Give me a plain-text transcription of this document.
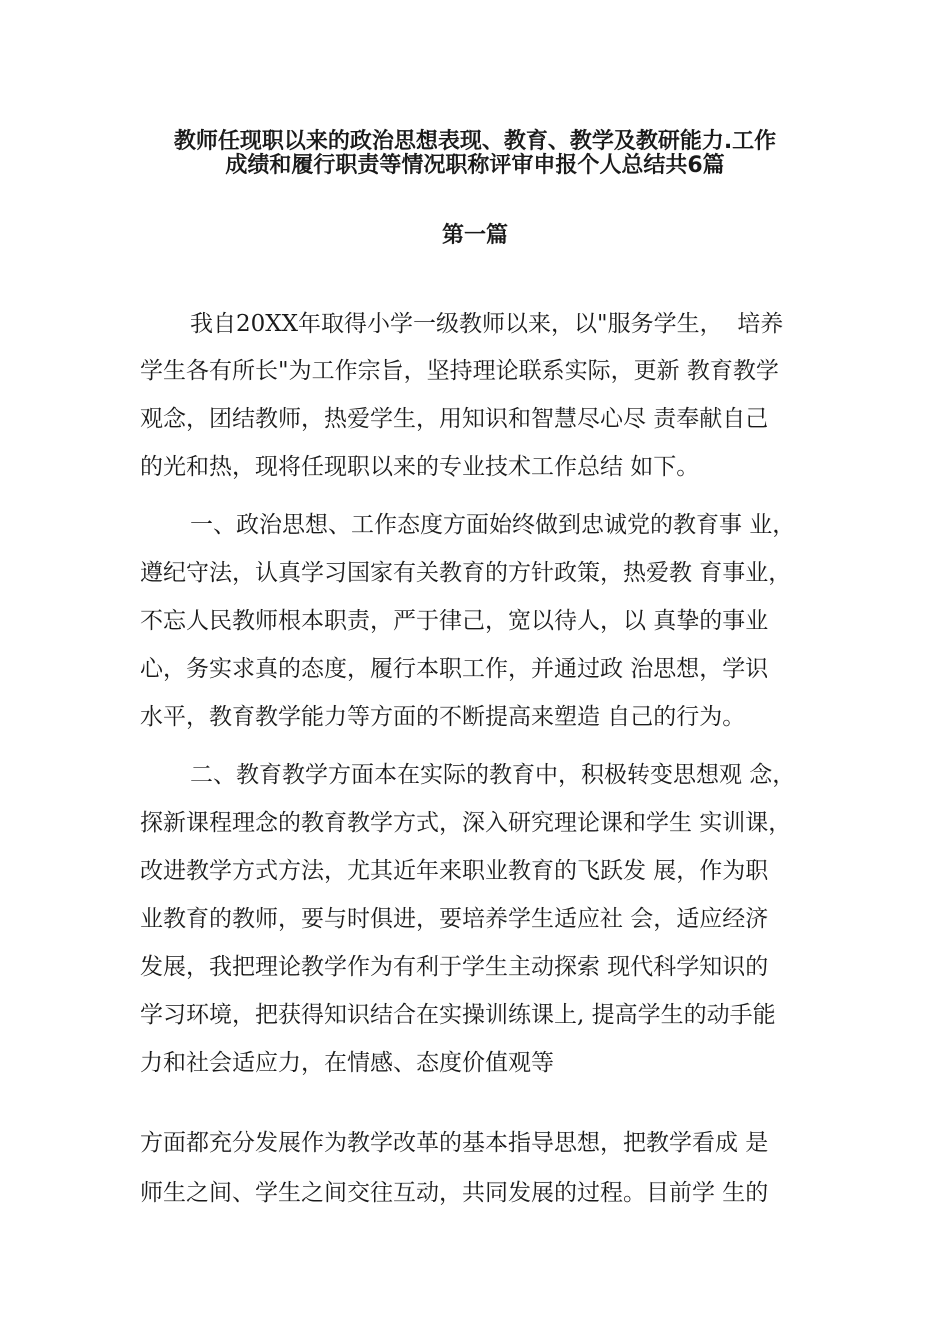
教师任现职以来的政治思想表现、教育、教学及教研能力.工作
成绩和履行职责等情况职称评审申报个人总结共6篇
第一篇
我自20XX年取得小学一级教师以来，以"服务学生，  培养
学生各有所长"为工作宗旨，坚持理论联系实际，更新 教育教学
观念，团结教师，热爱学生，用知识和智慧尽心尽 责奉献自己
的光和热，现将任现职以来的专业技术工作总结 如下。
一、政治思想、工作态度方面始终做到忠诚党的教育事 业，
遵纪守法，认真学习国家有关教育的方针政策，热爱教 育事业，
不忘人民教师根本职责，严于律己，宽以待人，以 真挚的事业
心，务实求真的态度，履行本职工作，并通过政 治思想，学识
水平，教育教学能力等方面的不断提高来塑造 自己的行为。
二、教育教学方面本在实际的教育中，积极转变思想观 念，
探新课程理念的教育教学方式，深入研究理论课和学生 实训课，
改进教学方式方法，尤其近年来职业教育的飞跃发 展，作为职
业教育的教师，要与时俱进，要培养学生适应社 会，适应经济
发展，我把理论教学作为有利于学生主动探索 现代科学知识的
学习环境，把获得知识结合在实操训练课上, 提高学生的动手能
力和社会适应力，在情感、态度价值观等
方面都充分发展作为教学改革的基本指导思想，把教学看成 是
师生之间、学生之间交往互动，共同发展的过程。目前学 生的
